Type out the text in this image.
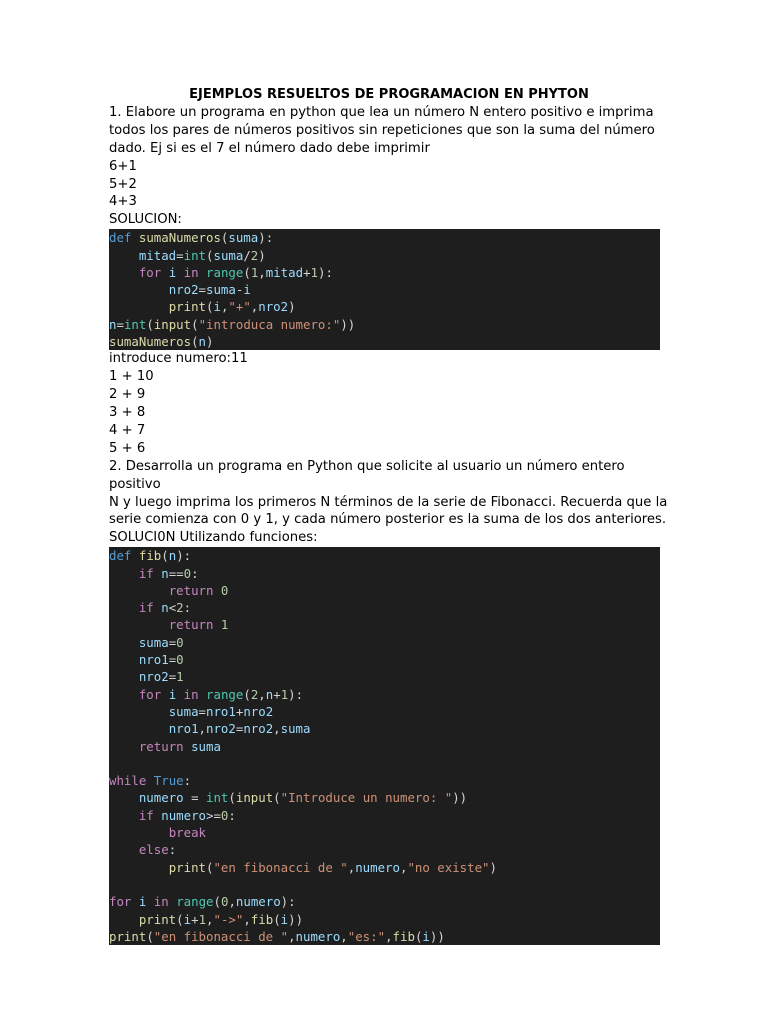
EJEMPLOS RESUELTOS DE PROGRAMACION EN PHYTON

1. Elabore un programa en python que lea un número N entero positivo e imprima

todos los pares de números positivos sin repeticiones que son la suma del número

dado. Ej si es el 7 el número dado debe imprimir

6+1

5+2

4+3

SOLUCION:

def sumaNumeros(suma):
mitad=int(suma/2)
for i in range(1,mitad+1):
nro2=suma-i
print(i,"+",nro2)
n=int(input("introduca numero:"))
sumaNumeros(n)

introduce numero:11

1 + 10

2 + 9

3 + 8

4 + 7

5 + 6

2. Desarrolla un programa en Python que solicite al usuario un número entero positivo

N y luego imprima los primeros N términos de la serie de Fibonacci. Recuerda que la

serie comienza con 0 y 1, y cada número posterior es la suma de los dos anteriores.

SOLUCI0N Utilizando funciones:

def fib(n):
if n==0:
return 0
if n<2:
return 1
suma=0
nro1=0
nro2=1
for i in range(2,n+1):
suma=nro1+nro2
nro1,nro2=nro2,suma
return suma
while True:
numero = int(input("Introduce un numero: "))
if numero>=0:
break
else:
print("en fibonacci de ",numero,"no existe")
for i in range(0,numero):
print(i+1,"->",fib(i))
print("en fibonacci de ",numero,"es:",fib(i))
